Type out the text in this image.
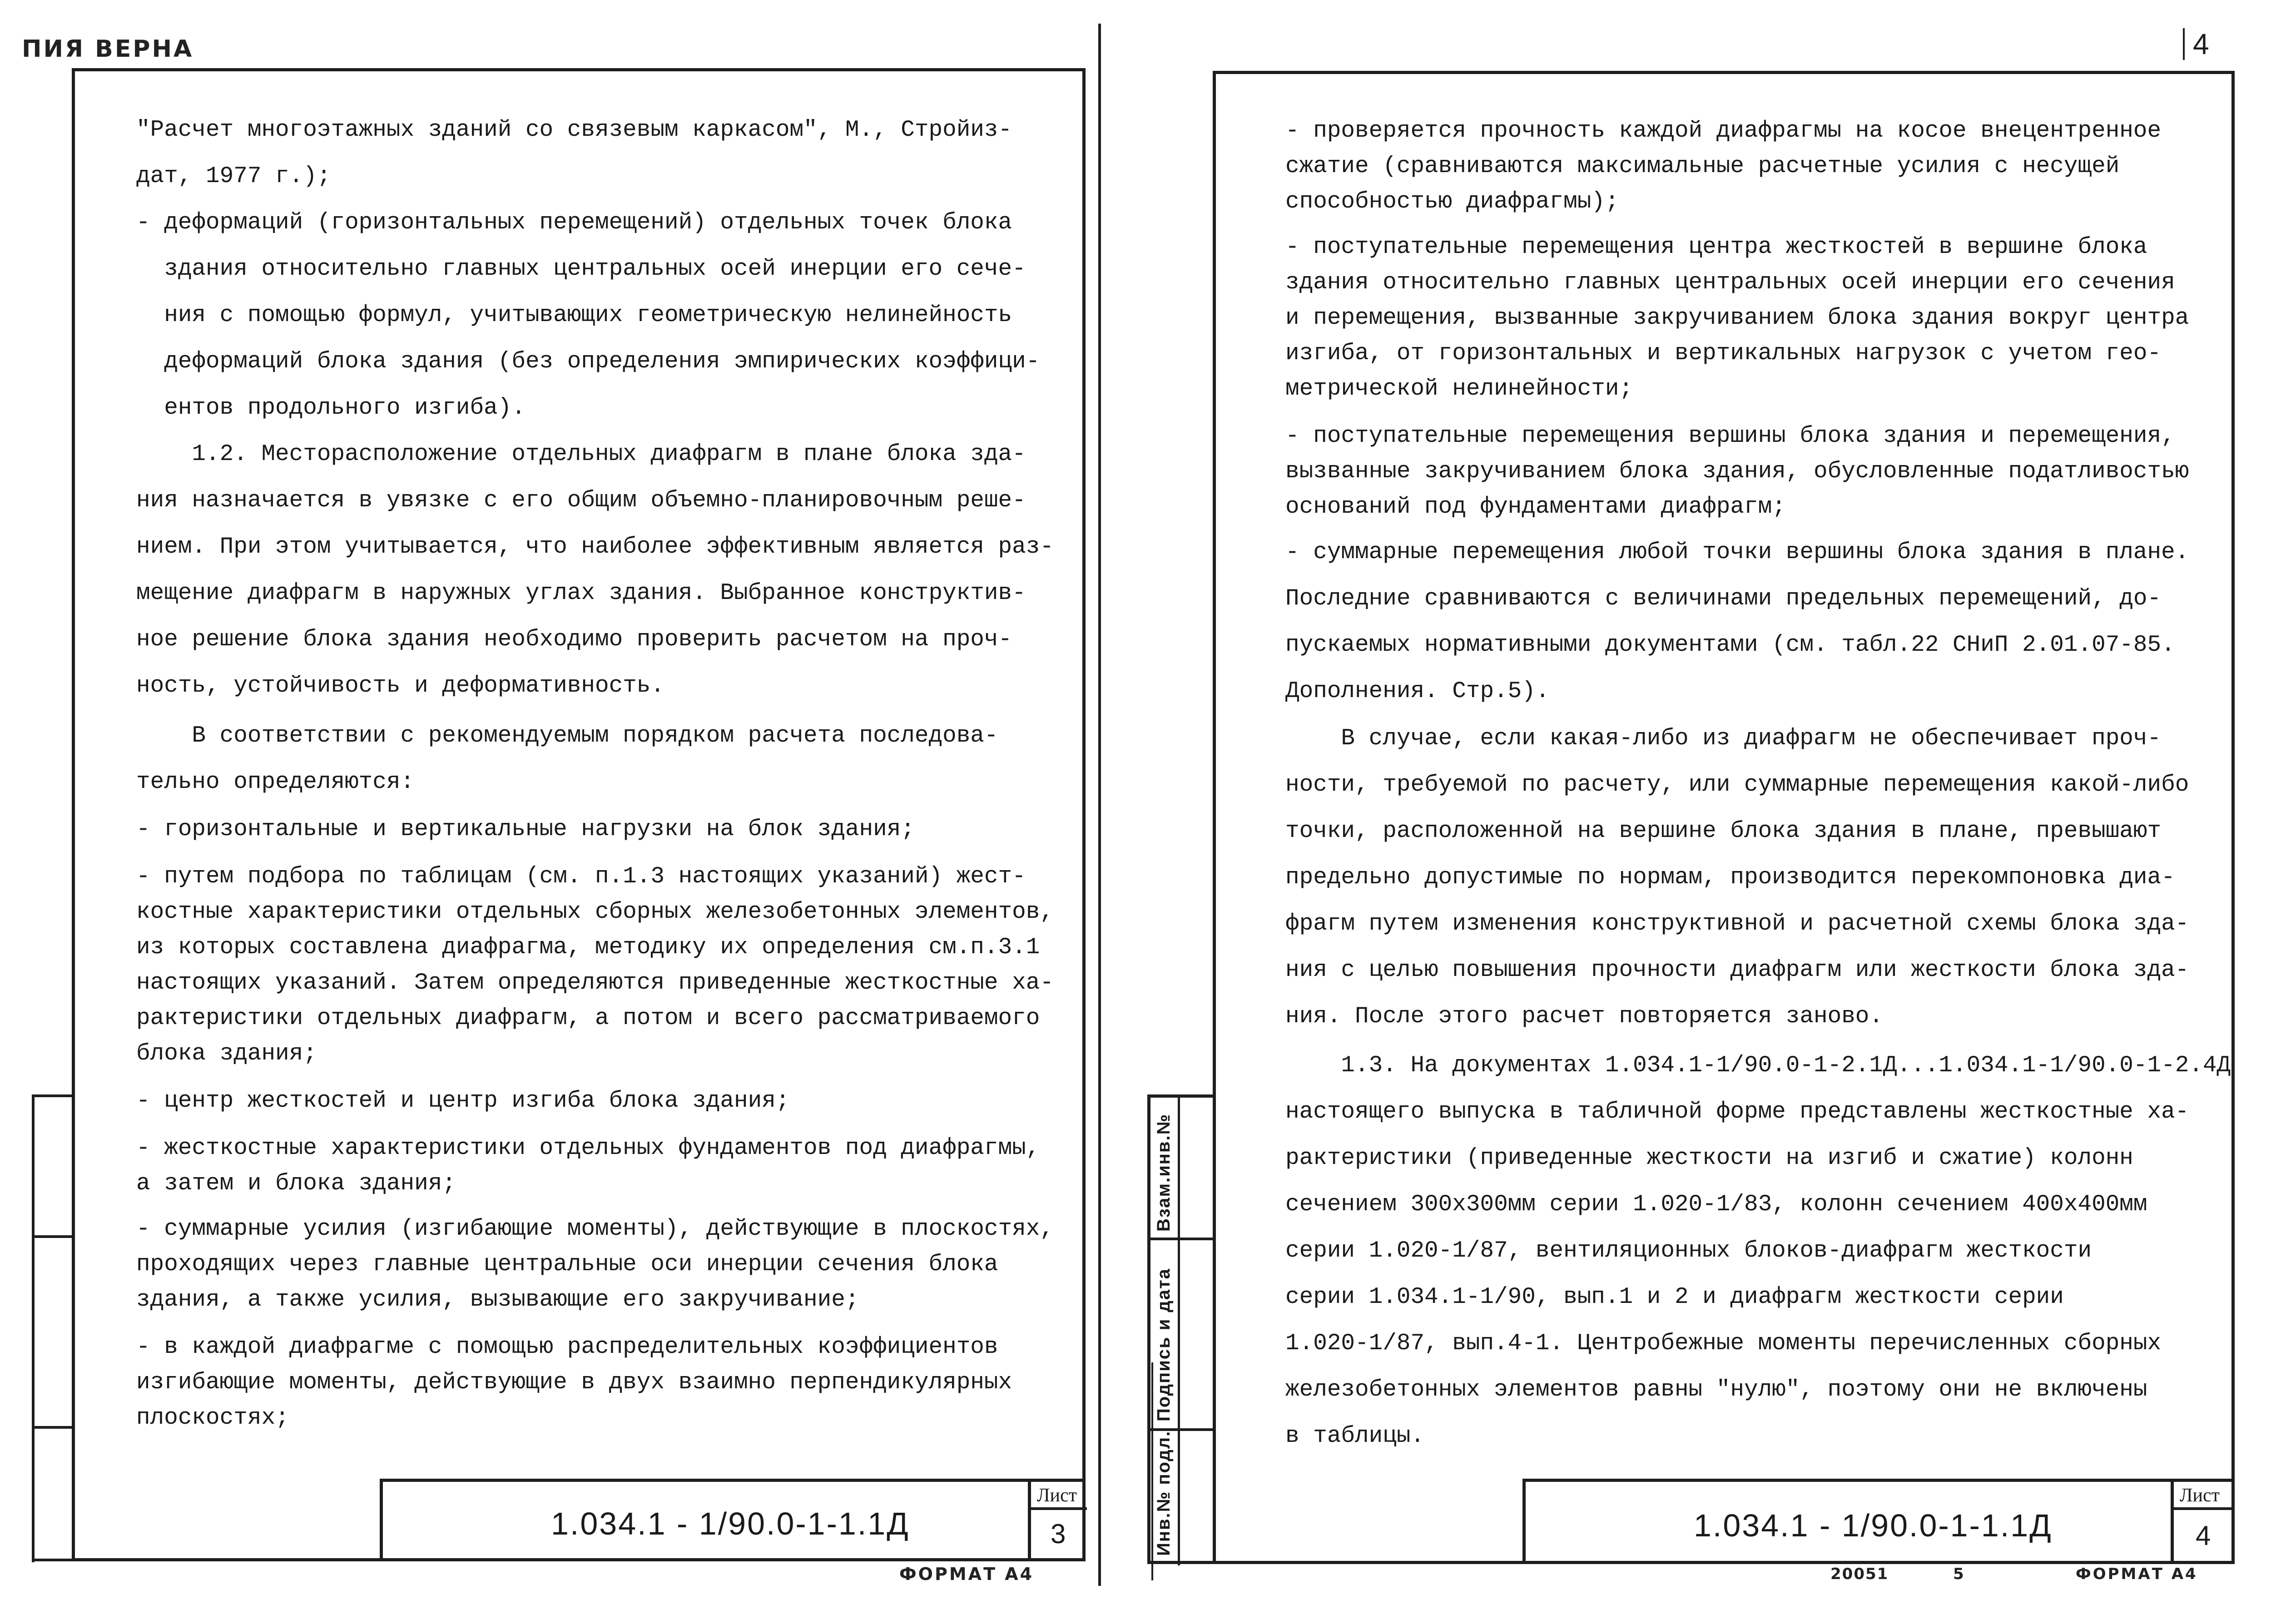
ПИЯ ВЕРНА	4
"Расчет многоэтажных зданий со связевым каркасом", М., Стройиз-
дат, 1977 г.);
- деформаций (горизонтальных перемещений) отдельных точек блока
здания относительно главных центральных осей инерции его сече-
ния с помощью формул, учитывающих геометрическую нелинейность
деформаций блока здания (без определения эмпирических коэффици-
ентов продольного изгиба).
1.2. Месторасположение отдельных диафрагм в плане блока зда-
ния назначается в увязке с его общим объемно-планировочным реше-
нием. При этом учитывается, что наиболее эффективным является раз-
мещение диафрагм в наружных углах здания. Выбранное конструктив-
ное решение блока здания необходимо проверить расчетом на проч-
ность, устойчивость и деформативность.
В соответствии с рекомендуемым порядком расчета последова-
тельно определяются:
- горизонтальные и вертикальные нагрузки на блок здания;
- путем подбора по таблицам (см. п.1.3 настоящих указаний) жест-
костные характеристики отдельных сборных железобетонных элементов,
из которых составлена диафрагма, методику их определения см.п.3.1
настоящих указаний. Затем определяются приведенные жесткостные ха-
рактеристики отдельных диафрагм, а потом и всего рассматриваемого
блока здания;
- центр жесткостей и центр изгиба блока здания;
- жесткостные характеристики отдельных фундаментов под диафрагмы,
а затем и блока здания;
- суммарные усилия (изгибающие моменты), действующие в плоскостях,
проходящих через главные центральные оси инерции сечения блока
здания, а также усилия, вызывающие его закручивание;
- в каждой диафрагме с помощью распределительных коэффициентов
изгибающие моменты, действующие в двух взаимно перпендикулярных
плоскостях;
1.034.1 - 1/90.0-1-1.1Д
Лист
3
ФОРМАТ А4
Инв.№ подл.
Подпись и дата
Взам.инв.№
- проверяется прочность каждой диафрагмы на косое внецентренное
сжатие (сравниваются максимальные расчетные усилия с несущей
способностью диафрагмы);
- поступательные перемещения центра жесткостей в вершине блока
здания относительно главных центральных осей инерции его сечения
и перемещения, вызванные закручиванием блока здания вокруг центра
изгиба, от горизонтальных и вертикальных нагрузок с учетом гео-
метрической нелинейности;
- поступательные перемещения вершины блока здания и перемещения,
вызванные закручиванием блока здания, обусловленные податливостью
оснований под фундаментами диафрагм;
- суммарные перемещения любой точки вершины блока здания в плане.
Последние сравниваются с величинами предельных перемещений, до-
пускаемых нормативными документами (см. табл.22 СНиП 2.01.07-85.
Дополнения. Стр.5).
В случае, если какая-либо из диафрагм не обеспечивает проч-
ности, требуемой по расчету, или суммарные перемещения какой-либо
точки, расположенной на вершине блока здания в плане, превышают
предельно допустимые по нормам, производится перекомпоновка диа-
фрагм путем изменения конструктивной и расчетной схемы блока зда-
ния с целью повышения прочности диафрагм или жесткости блока зда-
ния. После этого расчет повторяется заново.
1.3. На документах 1.034.1-1/90.0-1-2.1Д...1.034.1-1/90.0-1-2.4Д
настоящего выпуска в табличной форме представлены жесткостные ха-
рактеристики (приведенные жесткости на изгиб и сжатие) колонн
сечением 300х300мм серии 1.020-1/83, колонн сечением 400х400мм
серии 1.020-1/87, вентиляционных блоков-диафрагм жесткости
серии 1.034.1-1/90, вып.1 и 2 и диафрагм жесткости серии
1.020-1/87, вып.4-1. Центробежные моменты перечисленных сборных
железобетонных элементов равны "нулю", поэтому они не включены
в таблицы.
1.034.1 - 1/90.0-1-1.1Д
Лист
4
20051	5	ФОРМАТ А4
